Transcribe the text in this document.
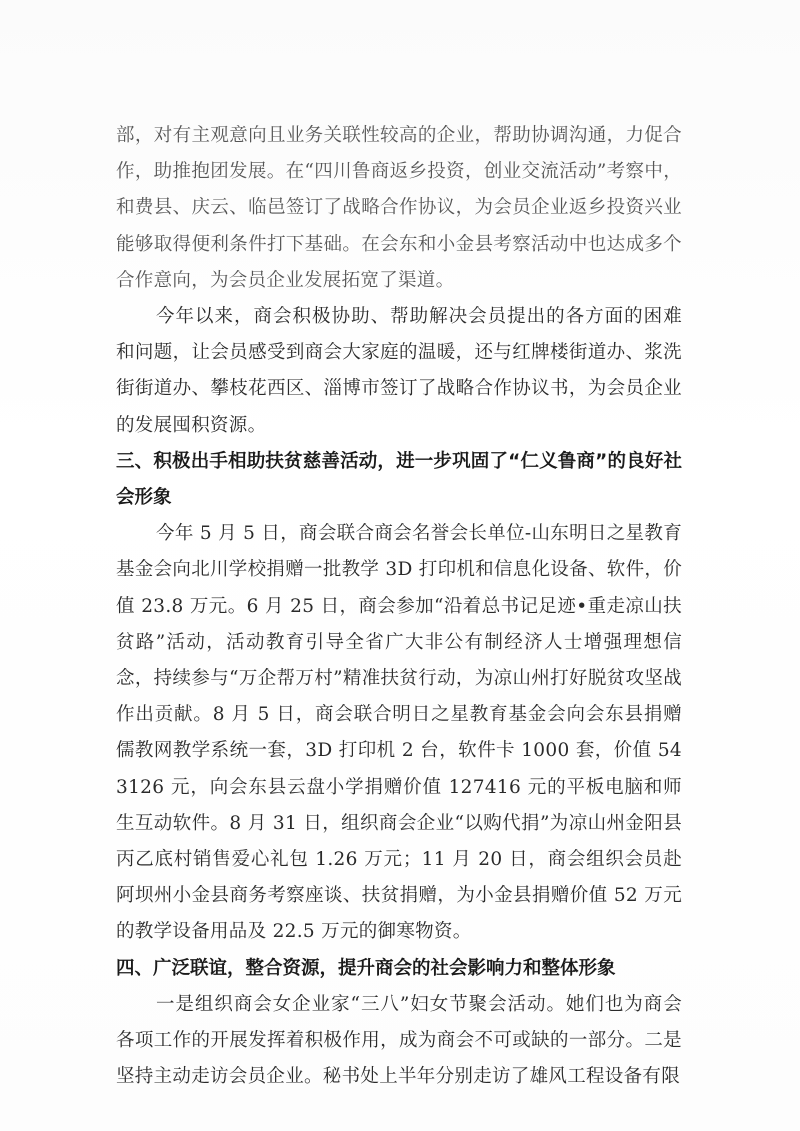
部，对有主观意向且业务关联性较高的企业，帮助协调沟通，力促合作，助推抱团发展。在“四川鲁商返乡投资，创业交流活动”考察中，和费县、庆云、临邑签订了战略合作协议，为会员企业返乡投资兴业能够取得便利条件打下基础。在会东和小金县考察活动中也达成多个合作意向，为会员企业发展拓宽了渠道。

今年以来，商会积极协助、帮助解决会员提出的各方面的困难和问题，让会员感受到商会大家庭的温暖，还与红牌楼街道办、浆洗街街道办、攀枝花西区、淄博市签订了战略合作协议书，为会员企业的发展囤积资源。

三、积极出手相助扶贫慈善活动，进一步巩固了“仁义鲁商”的良好社会形象

今年 5 月 5 日，商会联合商会名誉会长单位-山东明日之星教育基金会向北川学校捐赠一批教学 3D 打印机和信息化设备、软件，价值 23.8 万元。6 月 25 日，商会参加“沿着总书记足迹•重走凉山扶贫路”活动，活动教育引导全省广大非公有制经济人士增强理想信念，持续参与“万企帮万村”精准扶贫行动，为凉山州打好脱贫攻坚战作出贡献。8 月 5 日，商会联合明日之星教育基金会向会东县捐赠儒教网教学系统一套，3D 打印机 2 台，软件卡 1000 套，价值 543126 元，向会东县云盘小学捐赠价值 127416 元的平板电脑和师生互动软件。8 月 31 日，组织商会企业“以购代捐”为凉山州金阳县丙乙底村销售爱心礼包 1.26 万元；11 月 20 日，商会组织会员赴阿坝州小金县商务考察座谈、扶贫捐赠，为小金县捐赠价值 52 万元的教学设备用品及 22.5 万元的御寒物资。

四、广泛联谊，整合资源，提升商会的社会影响力和整体形象

一是组织商会女企业家“三八”妇女节聚会活动。她们也为商会各项工作的开展发挥着积极作用，成为商会不可或缺的一部分。二是坚持主动走访会员企业。秘书处上半年分别走访了雄风工程设备有限
